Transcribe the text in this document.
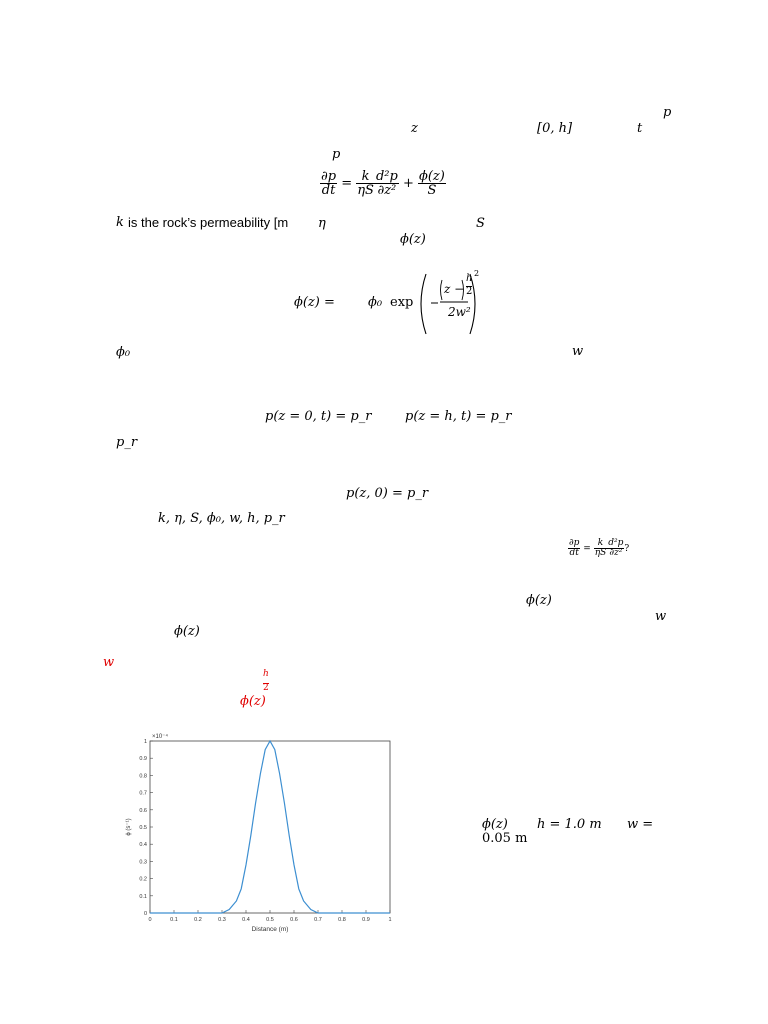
p
z	[0, h]	t
p
$\frac{\partial p}{dt} = \frac{k}{\eta S} \frac{\text{d²p}}{\text{∂z²}} + \frac{\phi(z)}{S}$
k is the rock’s permeability [m η	S
ϕ(z)
ϕ(z) =	ϕ₀ exp
z −
h
2
2
2w²
ϕ₀	w
p(z = 0, t) = p_r	p(z = h, t) = p_r
p_r
p(z, 0) = p_r
k, η, S, ϕ₀, w, h, p_r
$\frac{\partial p}{dt} = \frac{k}{\eta S} \frac{\text{d²p}}{\text{∂z²}}$ ?
ϕ(z)
w
ϕ(z)
w
h
2
ϕ(z)
×10⁻⁴
ϕ (s⁻¹)
Distance (m)
0	0.1	0.2	0.3	0.4	0.5	0.6	0.7	0.8	0.9	1
0
0.1
0.2
0.3
0.4
0.5
0.6
0.7
0.8
0.9
1
ϕ(z) h = 1.0 m w =
0.05 m
